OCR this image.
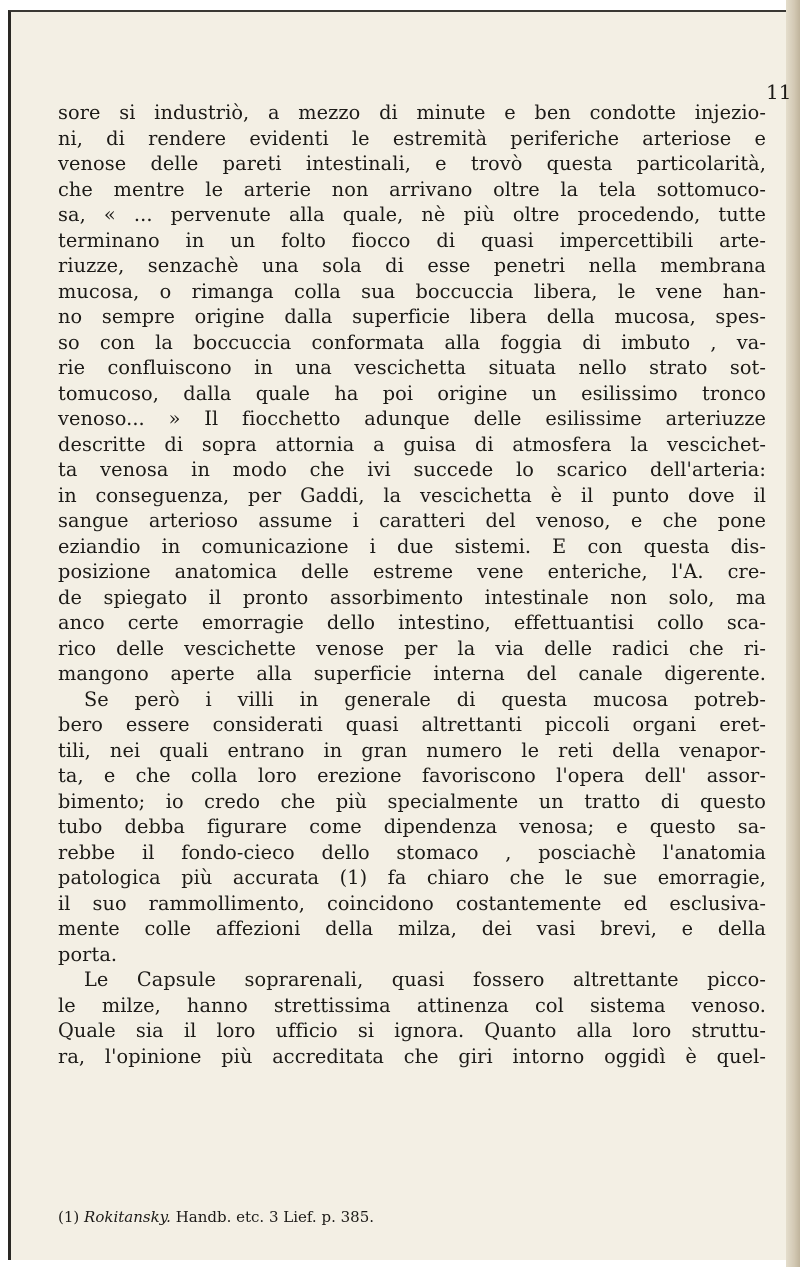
11
sore si industriò, a mezzo di minute e ben condotte injezio-
ni, di rendere evidenti le estremità periferiche arteriose e
venose delle pareti intestinali, e trovò questa particolarità,
che mentre le arterie non arrivano oltre la tela sottomuco-
sa, « ... pervenute alla quale, nè più oltre procedendo, tutte
terminano in un folto fiocco di quasi impercettibili arte-
riuzze, senzachè una sola di esse penetri nella membrana
mucosa, o rimanga colla sua boccuccia libera, le vene han-
no sempre origine dalla superficie libera della mucosa, spes-
so con la boccuccia conformata alla foggia di imbuto , va-
rie confluiscono in una vescichetta situata nello strato sot-
tomucoso, dalla quale ha poi origine un esilissimo tronco
venoso... » Il fiocchetto adunque delle esilissime arteriuzze
descritte di sopra attornia a guisa di atmosfera la vescichet-
ta venosa in modo che ivi succede lo scarico dell'arteria:
in conseguenza, per Gaddi, la vescichetta è il punto dove il
sangue arterioso assume i caratteri del venoso, e che pone
eziandio in comunicazione i due sistemi. E con questa dis-
posizione anatomica delle estreme vene enteriche, l'A. cre-
de spiegato il pronto assorbimento intestinale non solo, ma
anco certe emorragie dello intestino, effettuantisi collo sca-
rico delle vescichette venose per la via delle radici che ri-
mangono aperte alla superficie interna del canale digerente.
Se però i villi in generale di questa mucosa potreb-
bero essere considerati quasi altrettanti piccoli organi eret-
tili, nei quali entrano in gran numero le reti della venapor-
ta, e che colla loro erezione favoriscono l'opera dell' assor-
bimento; io credo che più specialmente un tratto di questo
tubo debba figurare come dipendenza venosa; e questo sa-
rebbe il fondo-cieco dello stomaco , posciachè l'anatomia
patologica più accurata (1) fa chiaro che le sue emorragie,
il suo rammollimento, coincidono costantemente ed esclusiva-
mente colle affezioni della milza, dei vasi brevi, e della
porta.
Le Capsule soprarenali, quasi fossero altrettante picco-
le milze, hanno strettissima attinenza col sistema venoso.
Quale sia il loro ufficio si ignora. Quanto alla loro struttu-
ra, l'opinione più accreditata che giri intorno oggidì è quel-
(1) Rokitansky. Handb. etc. 3 Lief. p. 385.
